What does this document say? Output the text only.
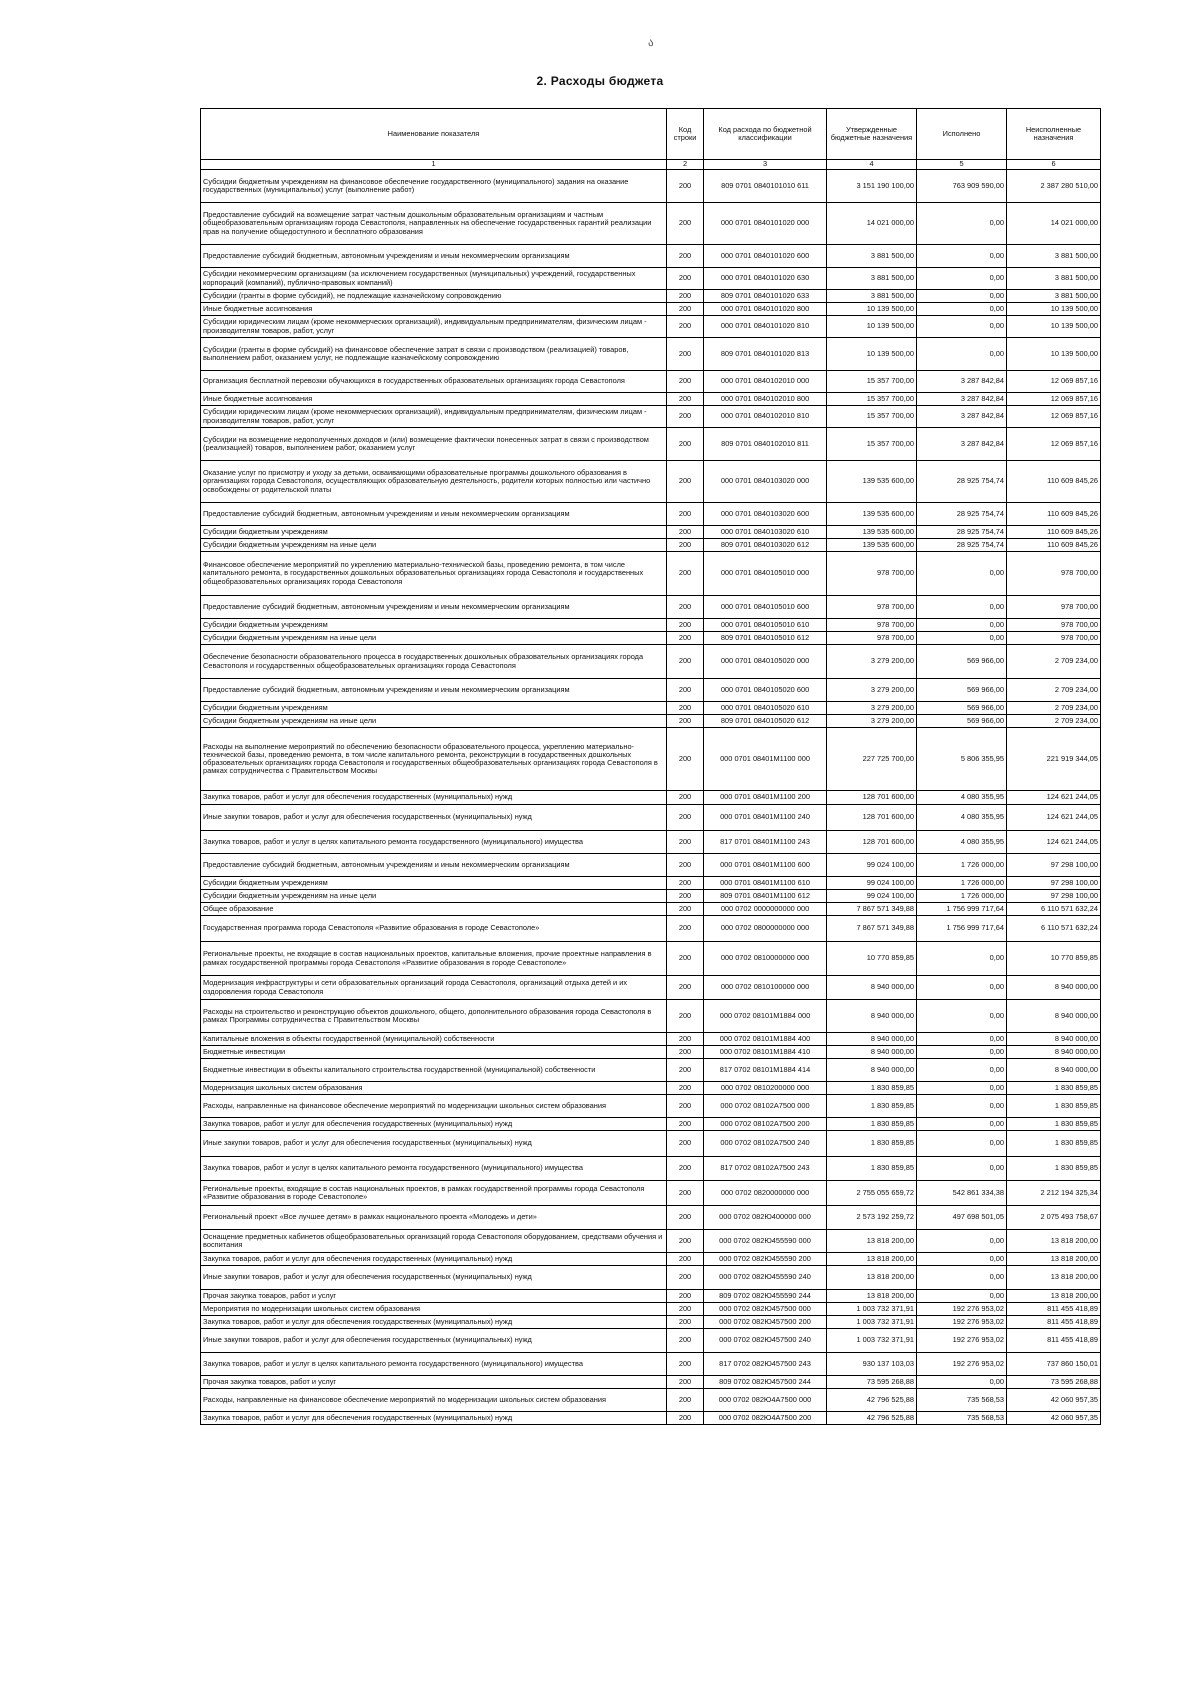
ა
2. Расходы бюджета
Наименование показателя	Код строки	Код расхода по бюджетной классификации	Утвержденные бюджетные назначения	Исполнено	Неисполненные назначения
1	2	3	4	5	6
Субсидии бюджетным учреждениям на финансовое обеспечение государственного (муниципального) задания на оказание государственных (муниципальных) услуг (выполнение работ)	200	809 0701 0840101010 611	3 151 190 100,00	763 909 590,00	2 387 280 510,00
Предоставление субсидий на возмещение затрат частным дошкольным образовательным организациям и частным общеобразовательным организациям города Севастополя, направленных на обеспечение государственных гарантий реализации прав на получение общедоступного и бесплатного образования	200	000 0701 0840101020 000	14 021 000,00	0,00	14 021 000,00
Предоставление субсидий бюджетным, автономным учреждениям и иным некоммерческим организациям	200	000 0701 0840101020 600	3 881 500,00	0,00	3 881 500,00
Субсидии некоммерческим организациям (за исключением государственных (муниципальных) учреждений, государственных корпораций (компаний), публично-правовых компаний)	200	000 0701 0840101020 630	3 881 500,00	0,00	3 881 500,00
Субсидии (гранты в форме субсидий), не подлежащие казначейскому сопровождению	200	809 0701 0840101020 633	3 881 500,00	0,00	3 881 500,00
Иные бюджетные ассигнования	200	000 0701 0840101020 800	10 139 500,00	0,00	10 139 500,00
Субсидии юридическим лицам (кроме некоммерческих организаций), индивидуальным предпринимателям, физическим лицам - производителям товаров, работ, услуг	200	000 0701 0840101020 810	10 139 500,00	0,00	10 139 500,00
Субсидии (гранты в форме субсидий) на финансовое обеспечение затрат в связи с производством (реализацией) товаров, выполнением работ, оказанием услуг, не подлежащие казначейскому сопровождению	200	809 0701 0840101020 813	10 139 500,00	0,00	10 139 500,00
Организация бесплатной перевозки обучающихся в государственных образовательных организациях города Севастополя	200	000 0701 0840102010 000	15 357 700,00	3 287 842,84	12 069 857,16
Иные бюджетные ассигнования	200	000 0701 0840102010 800	15 357 700,00	3 287 842,84	12 069 857,16
Субсидии юридическим лицам (кроме некоммерческих организаций), индивидуальным предпринимателям, физическим лицам - производителям товаров, работ, услуг	200	000 0701 0840102010 810	15 357 700,00	3 287 842,84	12 069 857,16
Субсидии на возмещение недополученных доходов и (или) возмещение фактически понесенных затрат в связи с производством (реализацией) товаров, выполнением работ, оказанием услуг	200	809 0701 0840102010 811	15 357 700,00	3 287 842,84	12 069 857,16
Оказание услуг по присмотру и уходу за детьми, осваивающими образовательные программы дошкольного образования в организациях города Севастополя, осуществляющих образовательную деятельность, родители которых полностью или частично освобождены от родительской платы	200	000 0701 0840103020 000	139 535 600,00	28 925 754,74	110 609 845,26
Предоставление субсидий бюджетным, автономным учреждениям и иным некоммерческим организациям	200	000 0701 0840103020 600	139 535 600,00	28 925 754,74	110 609 845,26
Субсидии бюджетным учреждениям	200	000 0701 0840103020 610	139 535 600,00	28 925 754,74	110 609 845,26
Субсидии бюджетным учреждениям на иные цели	200	809 0701 0840103020 612	139 535 600,00	28 925 754,74	110 609 845,26
Финансовое обеспечение мероприятий по укреплению материально-технической базы, проведению ремонта, в том числе капитального ремонта, в государственных дошкольных образовательных организациях города Севастополя и государственных общеобразовательных организациях города Севастополя	200	000 0701 0840105010 000	978 700,00	0,00	978 700,00
Предоставление субсидий бюджетным, автономным учреждениям и иным некоммерческим организациям	200	000 0701 0840105010 600	978 700,00	0,00	978 700,00
Субсидии бюджетным учреждениям	200	000 0701 0840105010 610	978 700,00	0,00	978 700,00
Субсидии бюджетным учреждениям на иные цели	200	809 0701 0840105010 612	978 700,00	0,00	978 700,00
Обеспечение безопасности образовательного процесса в государственных дошкольных образовательных организациях города Севастополя и государственных общеобразовательных организациях города Севастополя	200	000 0701 0840105020 000	3 279 200,00	569 966,00	2 709 234,00
Предоставление субсидий бюджетным, автономным учреждениям и иным некоммерческим организациям	200	000 0701 0840105020 600	3 279 200,00	569 966,00	2 709 234,00
Субсидии бюджетным учреждениям	200	000 0701 0840105020 610	3 279 200,00	569 966,00	2 709 234,00
Субсидии бюджетным учреждениям на иные цели	200	809 0701 0840105020 612	3 279 200,00	569 966,00	2 709 234,00
Расходы на выполнение мероприятий по обеспечению безопасности образовательного процесса, укреплению материально-технической базы, проведению ремонта, в том числе капитального ремонта, реконструкции в государственных дошкольных образовательных организациях города Севастополя и государственных общеобразовательных организациях города Севастополя в рамках сотрудничества с Правительством Москвы	200	000 0701 08401M1100 000	227 725 700,00	5 806 355,95	221 919 344,05
Закупка товаров, работ и услуг для обеспечения государственных (муниципальных) нужд	200	000 0701 08401M1100 200	128 701 600,00	4 080 355,95	124 621 244,05
Иные закупки товаров, работ и услуг для обеспечения государственных (муниципальных) нужд	200	000 0701 08401M1100 240	128 701 600,00	4 080 355,95	124 621 244,05
Закупка товаров, работ и услуг в целях капитального ремонта государственного (муниципального) имущества	200	817 0701 08401M1100 243	128 701 600,00	4 080 355,95	124 621 244,05
Предоставление субсидий бюджетным, автономным учреждениям и иным некоммерческим организациям	200	000 0701 08401M1100 600	99 024 100,00	1 726 000,00	97 298 100,00
Субсидии бюджетным учреждениям	200	000 0701 08401M1100 610	99 024 100,00	1 726 000,00	97 298 100,00
Субсидии бюджетным учреждениям на иные цели	200	809 0701 08401M1100 612	99 024 100,00	1 726 000,00	97 298 100,00
Общее образование	200	000 0702 0000000000 000	7 867 571 349,88	1 756 999 717,64	6 110 571 632,24
Государственная программа города Севастополя «Развитие образования в городе Севастополе»	200	000 0702 0800000000 000	7 867 571 349,88	1 756 999 717,64	6 110 571 632,24
Региональные проекты, не входящие в состав национальных проектов, капитальные вложения, прочие проектные направления в рамках государственной программы города Севастополя «Развитие образования в городе Севастополе»	200	000 0702 0810000000 000	10 770 859,85	0,00	10 770 859,85
Модернизация инфраструктуры и сети образовательных организаций города Севастополя, организаций отдыха детей и их оздоровления города Севастополя	200	000 0702 0810100000 000	8 940 000,00	0,00	8 940 000,00
Расходы на строительство и реконструкцию объектов дошкольного, общего, дополнительного образования города Севастополя в рамках Программы сотрудничества с Правительством Москвы	200	000 0702 08101M1884 000	8 940 000,00	0,00	8 940 000,00
Капитальные вложения в объекты государственной (муниципальной) собственности	200	000 0702 08101M1884 400	8 940 000,00	0,00	8 940 000,00
Бюджетные инвестиции	200	000 0702 08101M1884 410	8 940 000,00	0,00	8 940 000,00
Бюджетные инвестиции в объекты капитального строительства государственной (муниципальной) собственности	200	817 0702 08101M1884 414	8 940 000,00	0,00	8 940 000,00
Модернизация школьных систем образования	200	000 0702 0810200000 000	1 830 859,85	0,00	1 830 859,85
Расходы, направленные на финансовое обеспечение мероприятий по модернизации школьных систем образования	200	000 0702 08102A7500 000	1 830 859,85	0,00	1 830 859,85
Закупка товаров, работ и услуг для обеспечения государственных (муниципальных) нужд	200	000 0702 08102A7500 200	1 830 859,85	0,00	1 830 859,85
Иные закупки товаров, работ и услуг для обеспечения государственных (муниципальных) нужд	200	000 0702 08102A7500 240	1 830 859,85	0,00	1 830 859,85
Закупка товаров, работ и услуг в целях капитального ремонта государственного (муниципального) имущества	200	817 0702 08102A7500 243	1 830 859,85	0,00	1 830 859,85
Региональные проекты, входящие в состав национальных проектов, в рамках государственной программы города Севастополя «Развитие образования в городе Севастополе»	200	000 0702 0820000000 000	2 755 055 659,72	542 861 334,38	2 212 194 325,34
Региональный проект «Все лучшее детям» в рамках национального проекта «Молодежь и дети»	200	000 0702 082Ю400000 000	2 573 192 259,72	497 698 501,05	2 075 493 758,67
Оснащение предметных кабинетов общеобразовательных организаций города Севастополя оборудованием, средствами обучения и воспитания	200	000 0702 082Ю455590 000	13 818 200,00	0,00	13 818 200,00
Закупка товаров, работ и услуг для обеспечения государственных (муниципальных) нужд	200	000 0702 082Ю455590 200	13 818 200,00	0,00	13 818 200,00
Иные закупки товаров, работ и услуг для обеспечения государственных (муниципальных) нужд	200	000 0702 082Ю455590 240	13 818 200,00	0,00	13 818 200,00
Прочая закупка товаров, работ и услуг	200	809 0702 082Ю455590 244	13 818 200,00	0,00	13 818 200,00
Мероприятия по модернизации школьных систем образования	200	000 0702 082Ю457500 000	1 003 732 371,91	192 276 953,02	811 455 418,89
Закупка товаров, работ и услуг для обеспечения государственных (муниципальных) нужд	200	000 0702 082Ю457500 200	1 003 732 371,91	192 276 953,02	811 455 418,89
Иные закупки товаров, работ и услуг для обеспечения государственных (муниципальных) нужд	200	000 0702 082Ю457500 240	1 003 732 371,91	192 276 953,02	811 455 418,89
Закупка товаров, работ и услуг в целях капитального ремонта государственного (муниципального) имущества	200	817 0702 082Ю457500 243	930 137 103,03	192 276 953,02	737 860 150,01
Прочая закупка товаров, работ и услуг	200	809 0702 082Ю457500 244	73 595 268,88	0,00	73 595 268,88
Расходы, направленные на финансовое обеспечение мероприятий по модернизации школьных систем образования	200	000 0702 082Ю4А7500 000	42 796 525,88	735 568,53	42 060 957,35
Закупка товаров, работ и услуг для обеспечения государственных (муниципальных) нужд	200	000 0702 082Ю4А7500 200	42 796 525,88	735 568,53	42 060 957,35
